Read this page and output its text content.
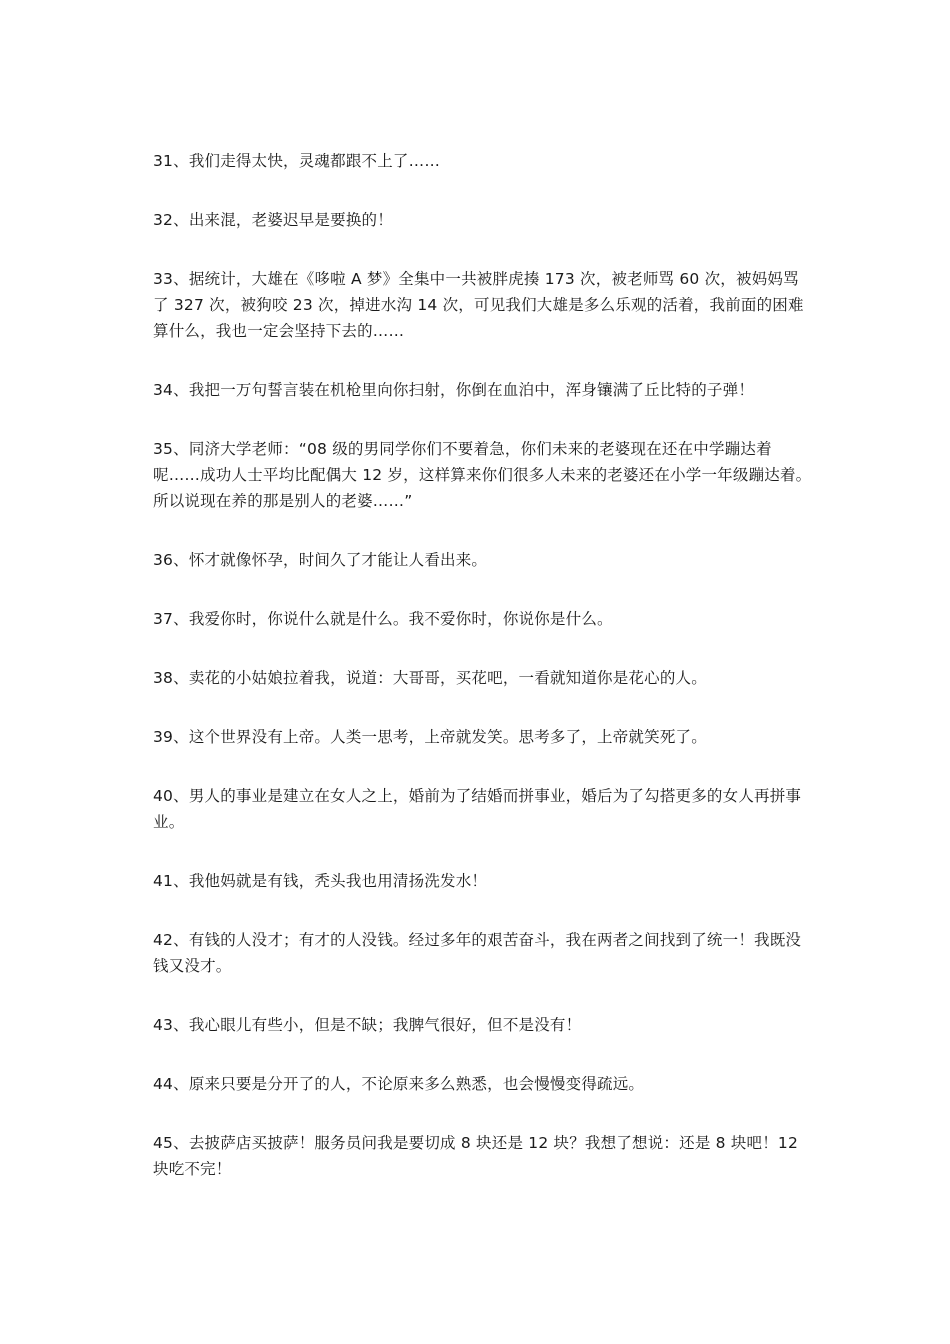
31、我们走得太快，灵魂都跟不上了……

32、出来混，老婆迟早是要换的！

33、据统计，大雄在《哆啦 A 梦》全集中一共被胖虎揍 173 次，被老师骂 60 次，被妈妈骂了 327 次，被狗咬 23 次，掉进水沟 14 次，可见我们大雄是多么乐观的活着，我前面的困难算什么，我也一定会坚持下去的……

34、我把一万句誓言装在机枪里向你扫射，你倒在血泊中，浑身镶满了丘比特的子弹！

35、同济大学老师：“08 级的男同学你们不要着急，你们未来的老婆现在还在中学蹦达着呢……成功人士平均比配偶大 12 岁，这样算来你们很多人未来的老婆还在小学一年级蹦达着。所以说现在养的那是别人的老婆……”

36、怀才就像怀孕，时间久了才能让人看出来。

37、我爱你时，你说什么就是什么。我不爱你时，你说你是什么。

38、卖花的小姑娘拉着我，说道：大哥哥，买花吧，一看就知道你是花心的人。

39、这个世界没有上帝。人类一思考，上帝就发笑。思考多了，上帝就笑死了。

40、男人的事业是建立在女人之上，婚前为了结婚而拼事业，婚后为了勾搭更多的女人再拼事业。

41、我他妈就是有钱，秃头我也用清扬洗发水！

42、有钱的人没才；有才的人没钱。经过多年的艰苦奋斗，我在两者之间找到了统一！我既没钱又没才。

43、我心眼儿有些小，但是不缺；我脾气很好，但不是没有！

44、原来只要是分开了的人，不论原来多么熟悉，也会慢慢变得疏远。

45、去披萨店买披萨！服务员问我是要切成 8 块还是 12 块？我想了想说：还是 8 块吧！12 块吃不完！
